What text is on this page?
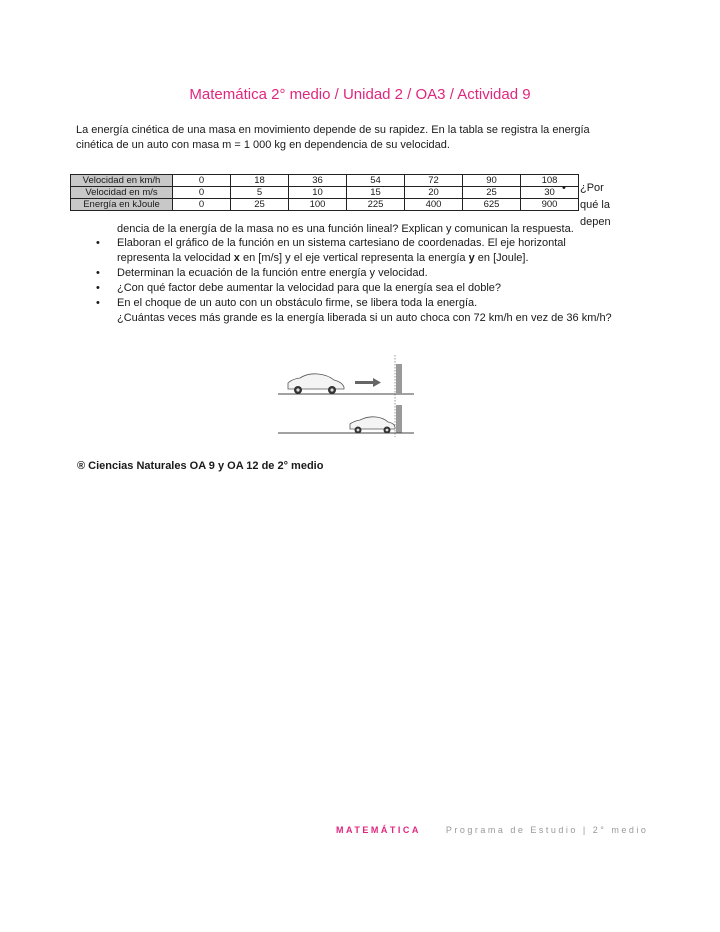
Matemática 2° medio / Unidad 2 / OA3 / Actividad 9
La energía cinética de una masa en movimiento depende de su rapidez. En la tabla se registra la energía cinética de un auto con masa m = 1 000 kg en dependencia de su velocidad.
Velocidad en km/h	0	18	36	54	72	90	108
Velocidad en m/s	0	5	10	15	20	25	30
Energía en kJoule	0	25	100	225	400	625	900
• ¿Por qué la depen
dencia de la energía de la masa no es una función lineal? Explican y comunican la respuesta.
• Elaboran el gráfico de la función en un sistema cartesiano de coordenadas. El eje horizontal representa la velocidad x en [m/s] y el eje vertical representa la energía y en [Joule].
• Determinan la ecuación de la función entre energía y velocidad.
• ¿Con qué factor debe aumentar la velocidad para que la energía sea el doble?
• En el choque de un auto con un obstáculo firme, se libera toda la energía.
¿Cuántas veces más grande es la energía liberada si un auto choca con 72 km/h en vez de 36 km/h?
® Ciencias Naturales OA 9 y OA 12 de 2° medio
MATEMÁTICA	Programa de Estudio | 2° medio
